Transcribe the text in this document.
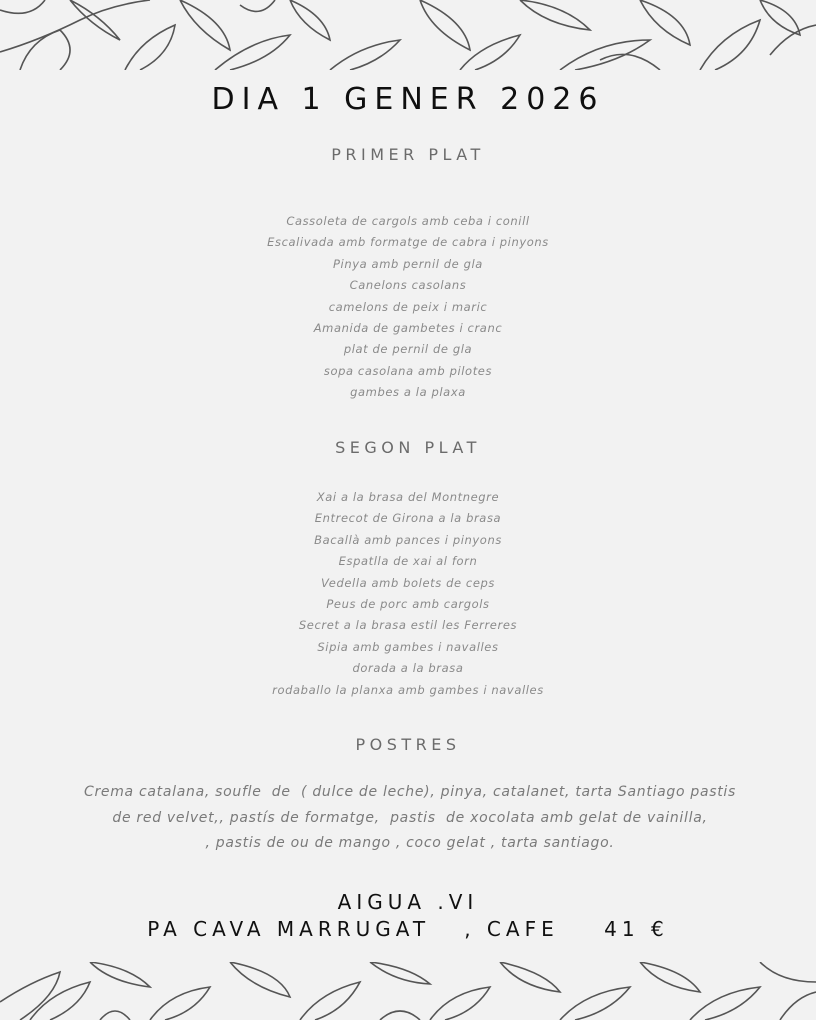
DIA 1 GENER 2026
PRIMER PLAT
Cassoleta de cargols amb ceba i conill
Escalivada amb formatge de cabra i pinyons
Pinya amb pernil de gla
Canelons casolans
camelons de peix i maric
Amanida de gambetes i cranc
plat de pernil de gla
sopa casolana amb pilotes
gambes a la plaxa
SEGON PLAT
Xai a la brasa del Montnegre
Entrecot de Girona a la brasa
Bacallà amb pances i pinyons
Espatlla de xai al forn
Vedella amb bolets de ceps
Peus de porc amb cargols
Secret a la brasa estil les Ferreres
Sipia amb gambes i navalles
dorada a la brasa
rodaballo la planxa amb gambes i navalles
POSTRES

Crema catalana, soufle  de  ( dulce de leche), pinya, catalanet, tarta Santiago pastis
de red velvet,, pastís de formatge,  pastis  de xocolata amb gelat de vainilla,
, pastis de ou de mango , coco gelat , tarta santiago.

AIGUA .VI

PA CAVA MARRUGAT   , CAFE    41 €
